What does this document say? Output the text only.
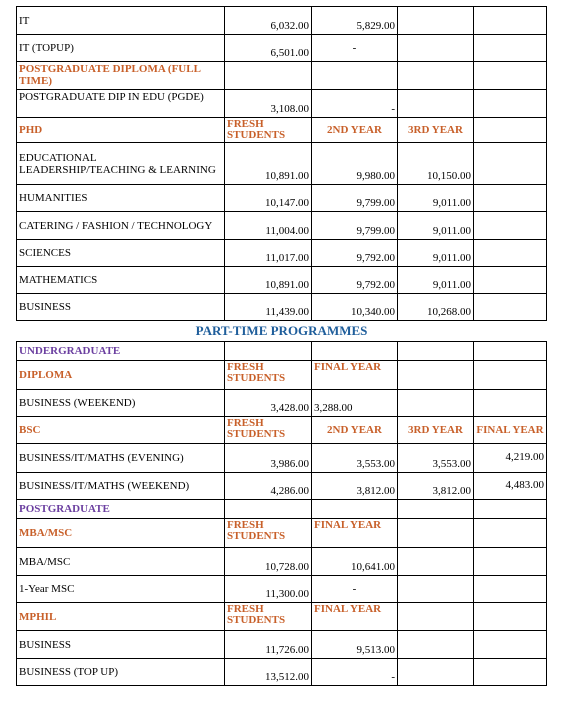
IT	6,032.00	5,829.00		
IT (TOPUP)	6,501.00	-		
POSTGRADUATE DIPLOMA (FULL TIME)				
POSTGRADUATE DIP IN EDU (PGDE)	3,108.00	-		
PHD	FRESH STUDENTS	2ND YEAR	3RD YEAR	
EDUCATIONAL LEADERSHIP/TEACHING & LEARNING	10,891.00	9,980.00	10,150.00	
HUMANITIES	10,147.00	9,799.00	9,011.00	
CATERING / FASHION / TECHNOLOGY	11,004.00	9,799.00	9,011.00	
SCIENCES	11,017.00	9,792.00	9,011.00	
MATHEMATICS	10,891.00	9,792.00	9,011.00	
BUSINESS	11,439.00	10,340.00	10,268.00	
PART-TIME PROGRAMMES				
UNDERGRADUATE				
DIPLOMA	FRESH STUDENTS	FINAL YEAR		
BUSINESS (WEEKEND)	3,428.00	3,288.00		
BSC	FRESH STUDENTS	2ND YEAR	3RD YEAR	FINAL YEAR
BUSINESS/IT/MATHS (EVENING)	3,986.00	3,553.00	3,553.00	4,219.00
BUSINESS/IT/MATHS (WEEKEND)	4,286.00	3,812.00	3,812.00	4,483.00
POSTGRADUATE				
MBA/MSC	FRESH STUDENTS	FINAL YEAR		
MBA/MSC	10,728.00	10,641.00		
1-Year MSC	11,300.00	-		
MPHIL	FRESH STUDENTS	FINAL YEAR		
BUSINESS	11,726.00	9,513.00		
BUSINESS (TOP UP)	13,512.00	-		
